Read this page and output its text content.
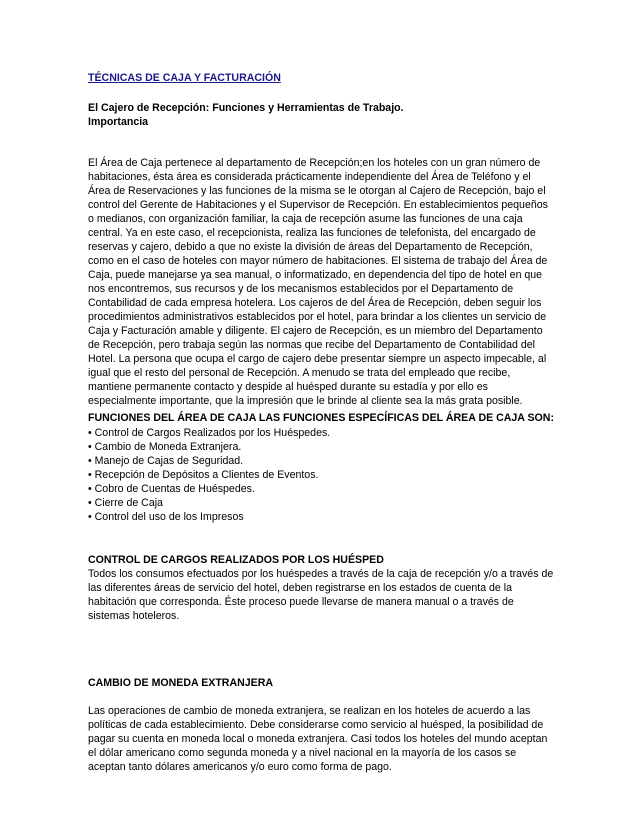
TÉCNICAS DE CAJA Y FACTURACIÓN
El Cajero de Recepción: Funciones y Herramientas de Trabajo.
Importancia
El Área de Caja pertenece al departamento de Recepción;en los hoteles con un gran número de
habitaciones, ésta área es considerada prácticamente independiente del Área de Teléfono y el
Área de Reservaciones y las funciones de la misma se le otorgan al Cajero de Recepción, bajo el
control del Gerente de Habitaciones y el Supervisor de Recepción. En establecimientos pequeños
o medianos, con organización familiar, la caja de recepción asume las funciones de una caja
central. Ya en este caso, el recepcionista, realiza las funciones de telefonista, del encargado de
reservas y cajero, debido a que no existe la división de áreas del Departamento de Recepción,
como en el caso de hoteles con mayor número de habitaciones. El sistema de trabajo del Área de
Caja, puede manejarse ya sea manual, o informatizado, en dependencia del tipo de hotel en que
nos encontremos, sus recursos y de los mecanismos establecidos por el Departamento de
Contabilidad de cada empresa hotelera. Los cajeros de del Área de Recepción, deben seguir los
procedimientos administrativos establecidos por el hotel, para brindar a los clientes un servicio de
Caja y Facturación amable y diligente. El cajero de Recepción, es un miembro del Departamento
de Recepción, pero trabaja según las normas que recibe del Departamento de Contabilidad del
Hotel. La persona que ocupa el cargo de cajero debe presentar siempre un aspecto impecable, al
igual que el resto del personal de Recepción. A menudo se trata del empleado que recibe,
mantiene permanente contacto y despide al huésped durante su estadía y por ello es
especialmente importante, que la impresión que le brinde al cliente sea la más grata posible.
FUNCIONES DEL ÁREA DE CAJA LAS FUNCIONES ESPECÍFICAS DEL ÁREA DE CAJA SON:
• Control de Cargos Realizados por los Huéspedes.
• Cambio de Moneda Extranjera.
• Manejo de Cajas de Seguridad.
• Recepción de Depósitos a Clientes de Eventos.
• Cobro de Cuentas de Huéspedes.
• Cierre de Caja
• Control del uso de los Impresos
CONTROL DE CARGOS REALIZADOS POR LOS HUÉSPED
Todos los consumos efectuados por los huéspedes a través de la caja de recepción y/o a través de
las diferentes áreas de servicio del hotel, deben registrarse en los estados de cuenta de la
habitación que corresponda. Éste proceso puede llevarse de manera manual o a través de
sistemas hoteleros.
CAMBIO DE MONEDA EXTRANJERA
Las operaciones de cambio de moneda extranjera, se realizan en los hoteles de acuerdo a las
políticas de cada establecimiento. Debe considerarse como servicio al huésped, la posibilidad de
pagar su cuenta en moneda local o moneda extranjera. Casi todos los hoteles del mundo aceptan
el dólar americano como segunda moneda y a nivel nacional en la mayoría de los casos se
aceptan tanto dólares americanos y/o euro como forma de pago.
